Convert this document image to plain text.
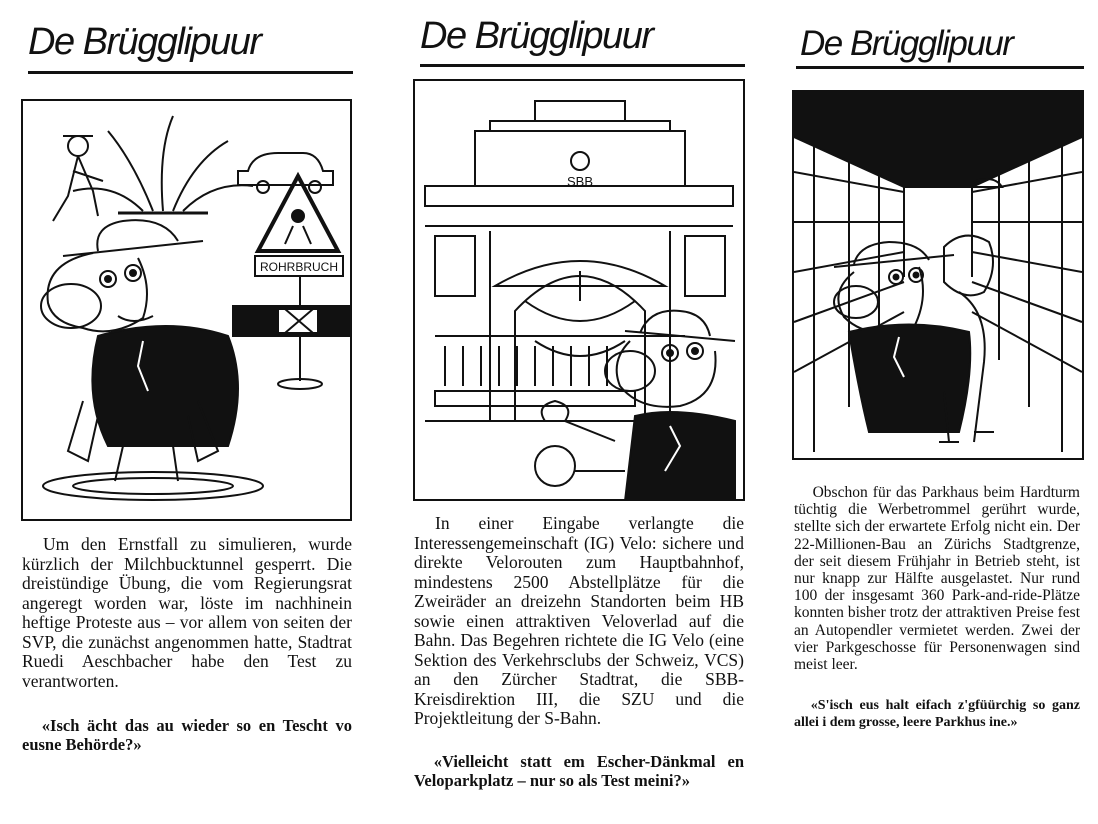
De Brügglipuur
ROHRBRUCH

Um den Ernstfall zu simulieren, wurde kürzlich der Milchbucktunnel gesperrt. Die dreistündige Übung, die vom Regierungsrat angeregt worden war, löste im nachhinein heftige Proteste aus – vor allem von seiten der SVP, die zunächst angenommen hatte, Stadtrat Ruedi Aeschbacher habe den Test zu verantworten.

«Isch ächt das au wieder so en Tescht vo eusne Behörde?»

De Brügglipuur
SBB

In einer Eingabe verlangte die Interessengemeinschaft (IG) Velo: sichere und direkte Velorouten zum Hauptbahnhof, mindestens 2500 Abstellplätze für die Zweiräder an dreizehn Standorten beim HB sowie einen attraktiven Veloverlad auf die Bahn. Das Begehren richtete die IG Velo (eine Sektion des Verkehrsclubs der Schweiz, VCS) an den Zürcher Stadtrat, die SBB-Kreisdirektion III, die SZU und die Projektleitung der S-Bahn.

«Vielleicht statt em Escher-Dänkmal en Veloparkplatz – nur so als Test meini?»

De Brügglipuur

Obschon für das Parkhaus beim Hardturm tüchtig die Werbetrommel gerührt wurde, stellte sich der erwartete Erfolg nicht ein. Der 22-Millionen-Bau an Zürichs Stadtgrenze, der seit diesem Frühjahr in Betrieb steht, ist nur knapp zur Hälfte ausgelastet. Nur rund 100 der insgesamt 360 Park-and-ride-Plätze konnten bisher trotz der attraktiven Preise fest an Autopendler vermietet werden. Zwei der vier Parkgeschosse für Personenwagen sind meist leer.

«S'isch eus halt eifach z'gfüürchig so ganz allei i dem grosse, leere Parkhus ine.»
